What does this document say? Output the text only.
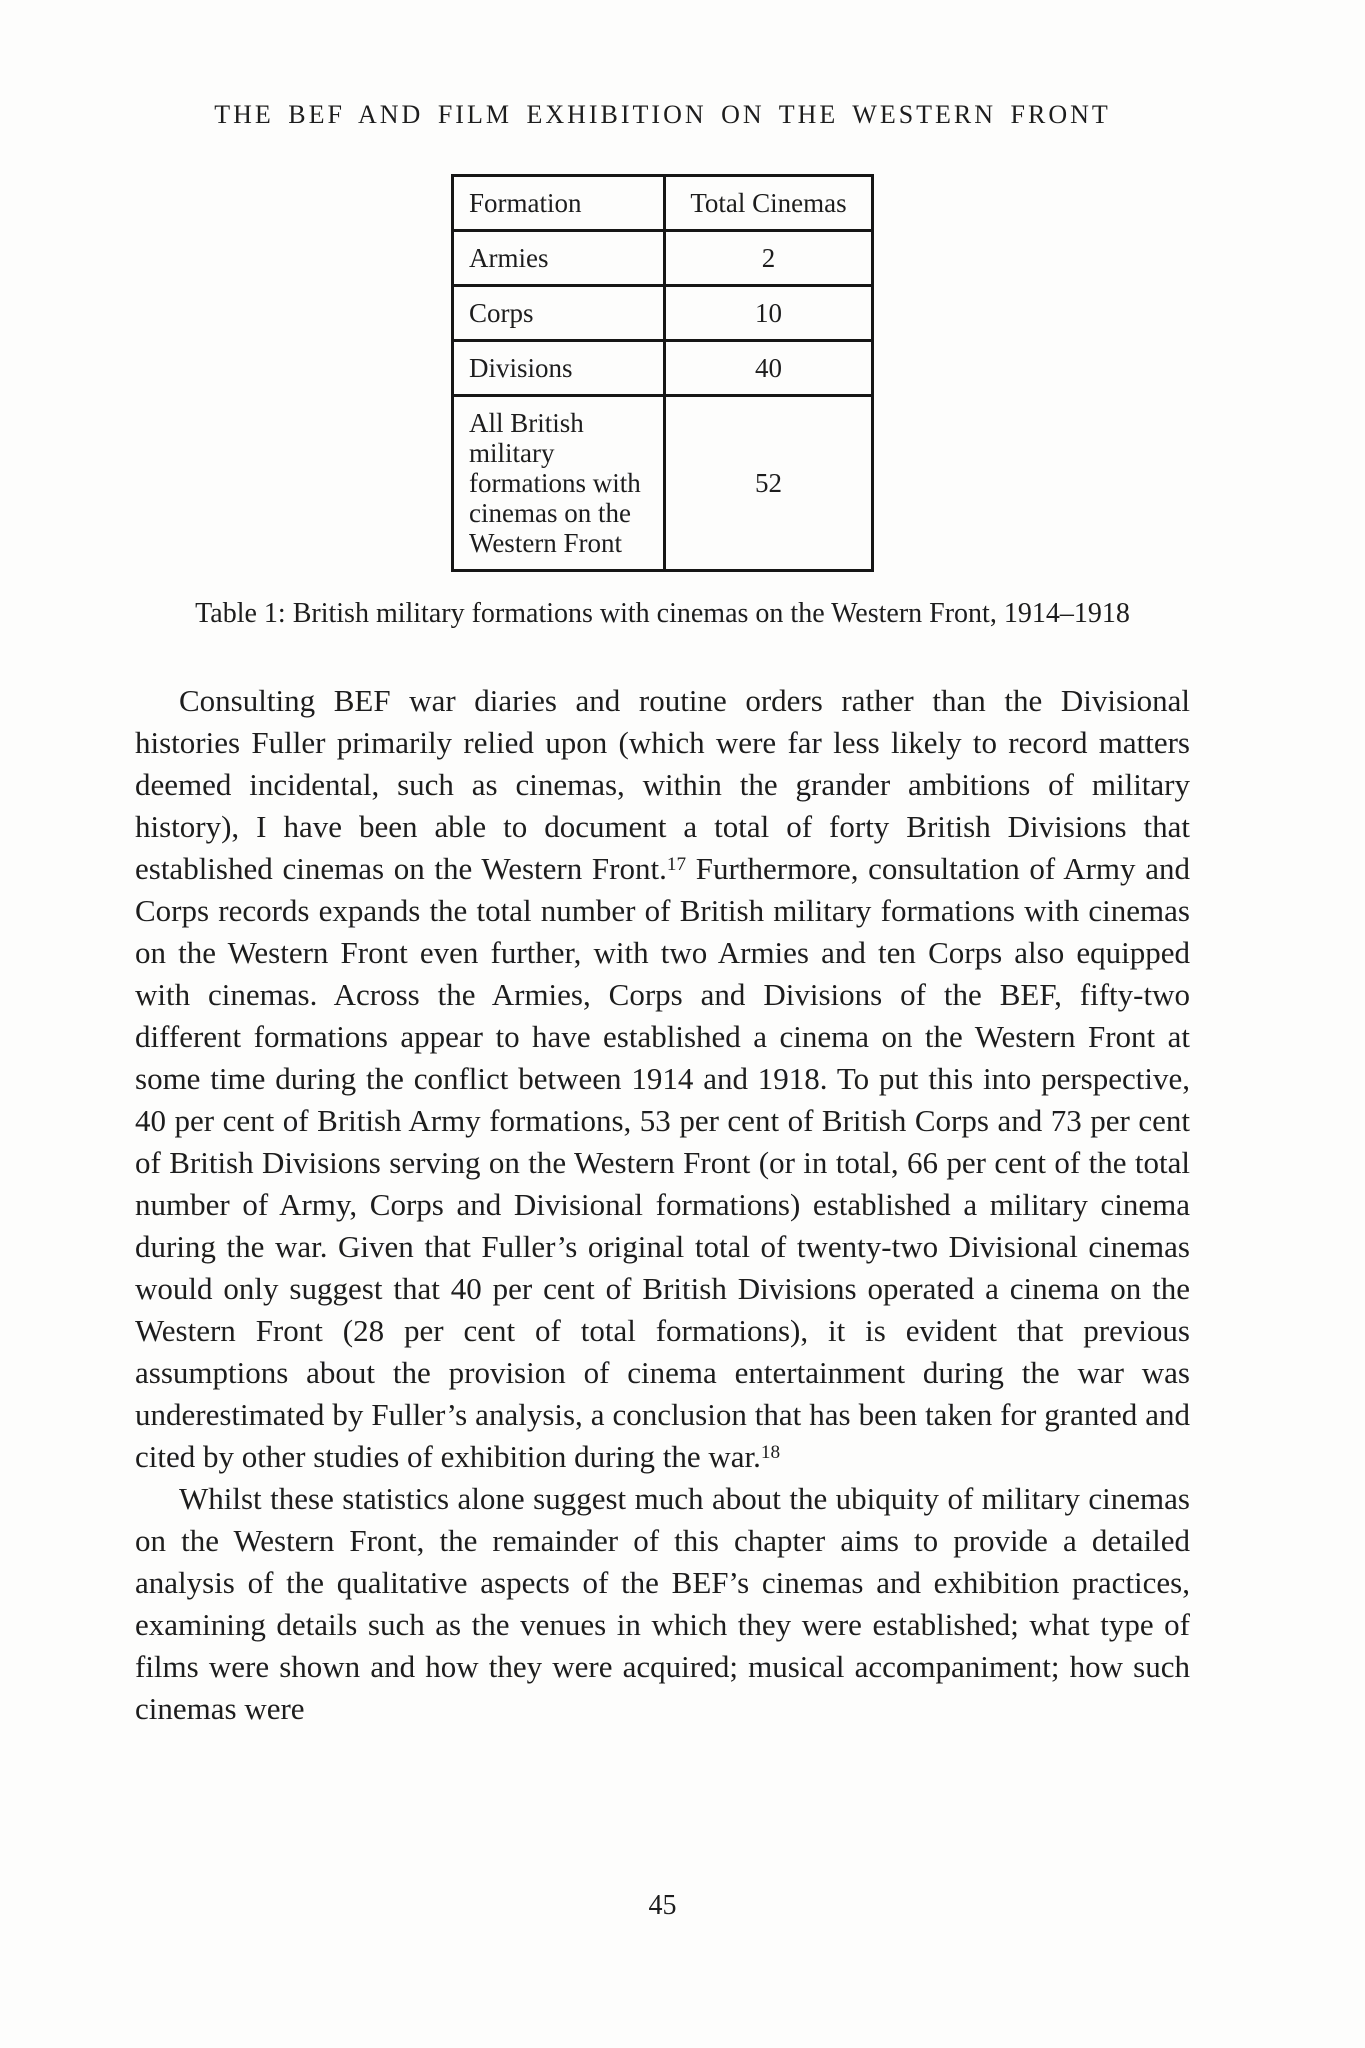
THE BEF AND FILM EXHIBITION ON THE WESTERN FRONT
Formation	Total Cinemas
Armies	2
Corps	10
Divisions	40
All British military formations with cinemas on the Western Front	52
Table 1: British military formations with cinemas on the Western Front, 1914–1918

Consulting BEF war diaries and routine orders rather than the Divisional histories Fuller primarily relied upon (which were far less likely to record matters deemed incidental, such as cinemas, within the grander ambitions of military history), I have been able to document a total of forty British Divisions that established cinemas on the Western Front.$^{17}$ Furthermore, consultation of Army and Corps records expands the total number of British military formations with cinemas on the Western Front even further, with two Armies and ten Corps also equipped with cinemas. Across the Armies, Corps and Divisions of the BEF, fifty-two different formations appear to have established a cinema on the Western Front at some time during the conflict between 1914 and 1918. To put this into perspective, 40 per cent of British Army formations, 53 per cent of British Corps and 73 per cent of British Divisions serving on the Western Front (or in total, 66 per cent of the total number of Army, Corps and Divisional formations) established a military cinema during the war. Given that Fuller’s original total of twenty-two Divisional cinemas would only suggest that 40 per cent of British Divisions operated a cinema on the Western Front (28 per cent of total formations), it is evident that previous assumptions about the provision of cinema entertainment during the war was underestimated by Fuller’s analysis, a conclusion that has been taken for granted and cited by other studies of exhibition during the war.$^{18}$

Whilst these statistics alone suggest much about the ubiquity of military cinemas on the Western Front, the remainder of this chapter aims to provide a detailed analysis of the qualitative aspects of the BEF’s cinemas and exhibition practices, examining details such as the venues in which they were established; what type of films were shown and how they were acquired; musical accompaniment; how such cinemas were

45
